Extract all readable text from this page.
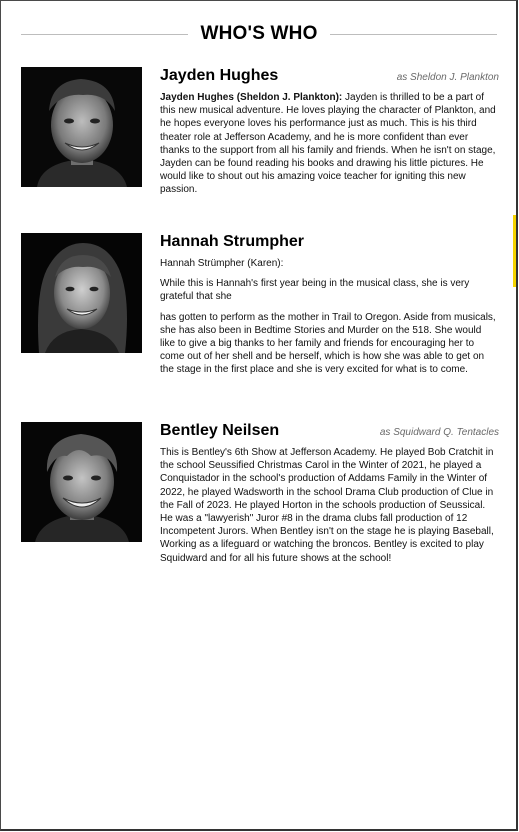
WHO'S WHO
Jayden Hughes	as Sheldon J. Plankton

Jayden Hughes (Sheldon J. Plankton): Jayden is thrilled to be a part of this new musical adventure. He loves playing the character of Plankton, and he hopes everyone loves his performance just as much. This is his third theater role at Jefferson Academy, and he is more confident than ever thanks to the support from all his family and friends. When he isn't on stage, Jayden can be found reading his books and drawing his little pictures. He would like to shout out his amazing voice teacher for igniting this new passion.

Hannah Strumpher

Hannah Strümpher (Karen):

While this is Hannah's first year being in the musical class, she is very grateful that she

has gotten to perform as the mother in Trail to Oregon. Aside from musicals, she has also been in Bedtime Stories and Murder on the 518. She would like to give a big thanks to her family and friends for encouraging her to come out of her shell and be herself, which is how she was able to get on the stage in the first place and she is very excited for what is to come.

Bentley Neilsen	as Squidward Q. Tentacles

This is Bentley's 6th Show at Jefferson Academy. He played Bob Cratchit in the school Seussified Christmas Carol in the Winter of 2021, he played a Conquistador in the school's production of Addams Family in the Winter of 2022, he played Wadsworth in the school Drama Club production of Clue in the Fall of 2023. He played Horton in the schools production of Seussical. He was a "lawyerish" Juror #8 in the drama clubs fall production of 12 Incompetent Jurors. When Bentley isn't on the stage he is playing Baseball, Working as a lifeguard or watching the broncos. Bentley is excited to play Squidward and for all his future shows at the school!
